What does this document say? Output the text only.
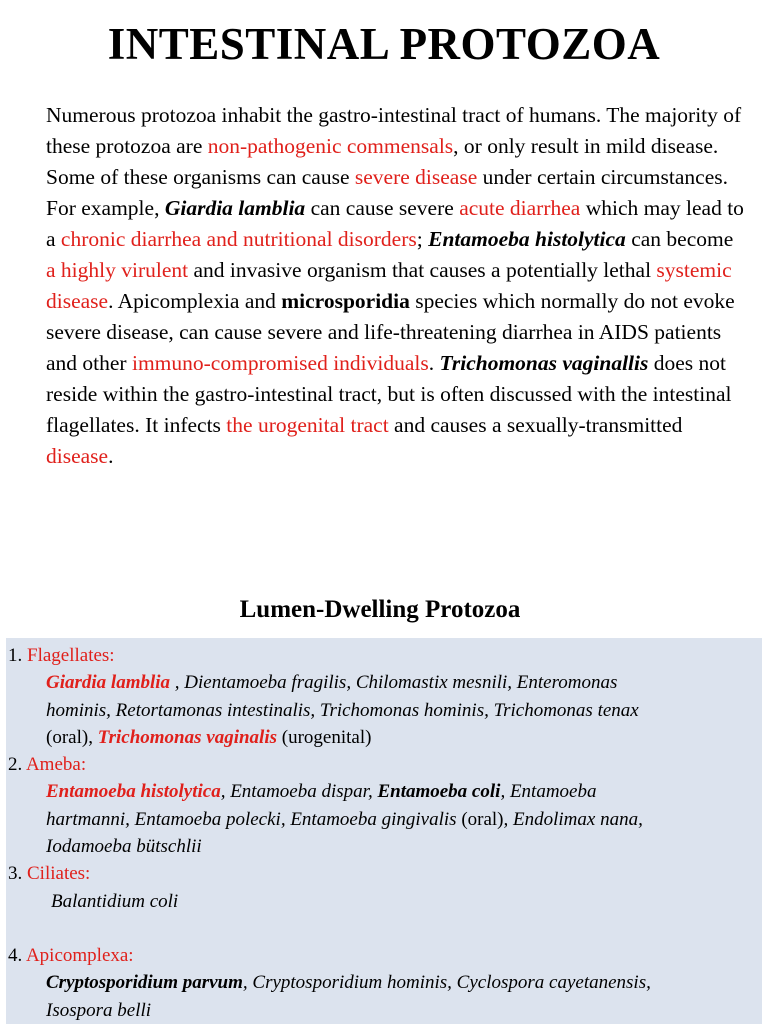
INTESTINAL PROTOZOA

Numerous protozoa inhabit the gastro-intestinal tract of humans. The majority of these protozoa are non-pathogenic commensals, or only result in mild disease. Some of these organisms can cause severe disease under certain circumstances. For example, Giardia lamblia can cause severe acute diarrhea which may lead to a chronic diarrhea and nutritional disorders; Entamoeba histolytica can become a highly virulent and invasive organism that causes a potentially lethal systemic disease. Apicomplexia and microsporidia species which normally do not evoke severe disease, can cause severe and life-threatening diarrhea in AIDS patients and other immuno-compromised individuals. Trichomonas vaginallis does not reside within the gastro-intestinal tract, but is often discussed with the intestinal flagellates. It infects the urogenital tract and causes a sexually-transmitted disease.

Lumen-Dwelling Protozoa
1. Flagellates:
Giardia lamblia , Dientamoeba fragilis, Chilomastix mesnili, Enteromonas
hominis, Retortamonas intestinalis, Trichomonas hominis, Trichomonas tenax
(oral), Trichomonas vaginalis (urogenital)
2. Ameba:
Entamoeba histolytica, Entamoeba dispar, Entamoeba coli, Entamoeba
hartmanni, Entamoeba polecki, Entamoeba gingivalis (oral), Endolimax nana,
Iodamoeba bütschlii
3. Ciliates:
Balantidium coli
4. Apicomplexa:
Cryptosporidium parvum, Cryptosporidium hominis, Cyclospora cayetanensis,
Isospora belli
